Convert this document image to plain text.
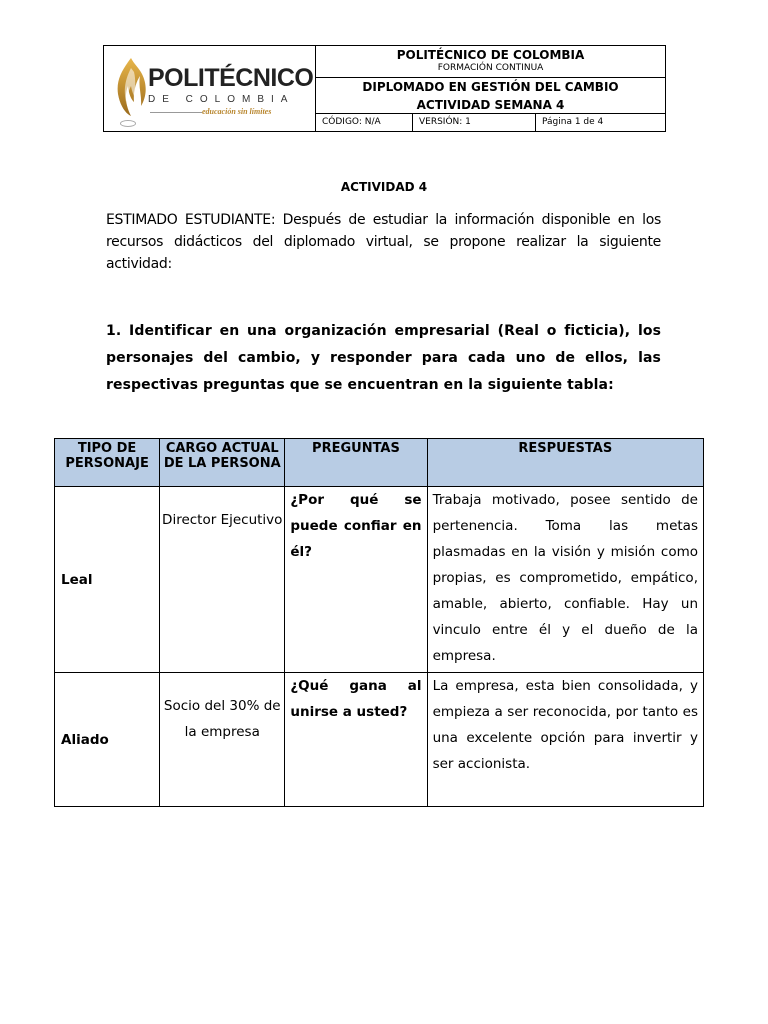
POLITÉCNICO
DE COLOMBIA
educación sin límites
POLITÉCNICO DE COLOMBIA
FORMACIÓN CONTINUA
DIPLOMADO EN GESTIÓN DEL CAMBIO
ACTIVIDAD SEMANA 4
CÓDIGO: N/A	VERSIÓN: 1	Página 1 de 4
ACTIVIDAD 4
ESTIMADO ESTUDIANTE: Después de estudiar la información disponible en los recursos didácticos del diplomado virtual, se propone realizar la siguiente actividad:
1. Identificar en una organización empresarial (Real o ficticia), los personajes del cambio, y responder para cada uno de ellos, las respectivas preguntas que se encuentran en la siguiente tabla:
TIPO DE PERSONAJE	CARGO ACTUAL DE LA PERSONA	PREGUNTAS	RESPUESTAS
Leal	Director Ejecutivo	¿Por qué se puede confiar en él?	Trabaja motivado, posee sentido de pertenencia. Toma las metas plasmadas en la visión y misión como propias, es comprometido, empático, amable, abierto, confiable. Hay un vinculo entre él y el dueño de la empresa.
Aliado	Socio del 30% de la empresa	¿Qué gana al unirse a usted?	La empresa, esta bien consolidada, y empieza a ser reconocida, por tanto es una excelente opción para invertir y ser accionista.
